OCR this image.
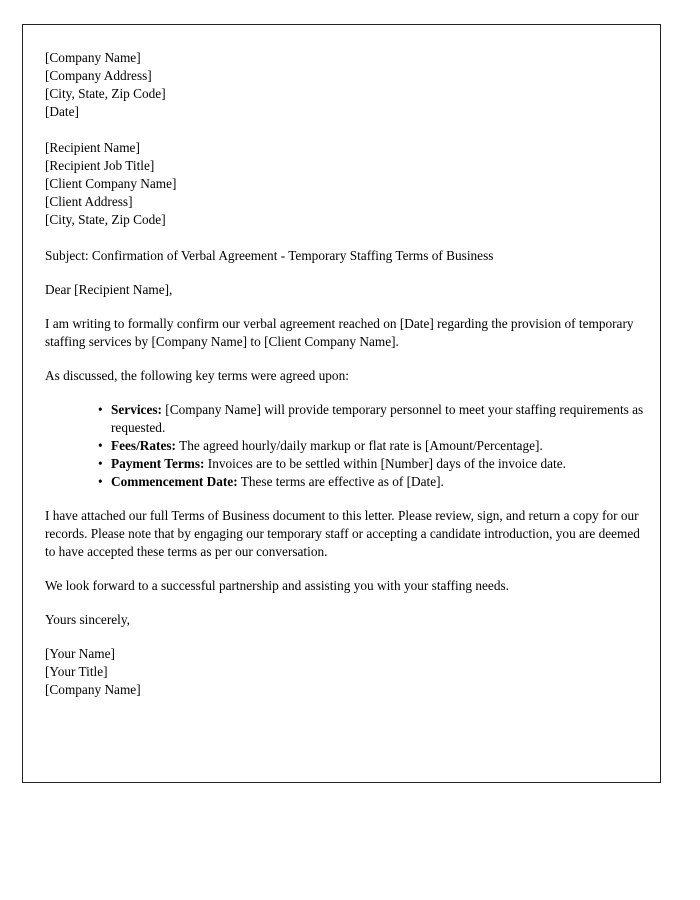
[Company Name]
[Company Address]
[City, State, Zip Code]
[Date]
[Recipient Name]
[Recipient Job Title]
[Client Company Name]
[Client Address]
[City, State, Zip Code]

Subject: Confirmation of Verbal Agreement - Temporary Staffing Terms of Business

Dear [Recipient Name],

I am writing to formally confirm our verbal agreement reached on [Date] regarding the provision of temporary staffing services by [Company Name] to [Client Company Name].

As discussed, the following key terms were agreed upon:

• Services: [Company Name] will provide temporary personnel to meet your staffing requirements as requested.
• Fees/Rates: The agreed hourly/daily markup or flat rate is [Amount/Percentage].
• Payment Terms: Invoices are to be settled within [Number] days of the invoice date.
• Commencement Date: These terms are effective as of [Date].

I have attached our full Terms of Business document to this letter. Please review, sign, and return a copy for our records. Please note that by engaging our temporary staff or accepting a candidate introduction, you are deemed to have accepted these terms as per our conversation.

We look forward to a successful partnership and assisting you with your staffing needs.

Yours sincerely,

[Your Name]
[Your Title]
[Company Name]
